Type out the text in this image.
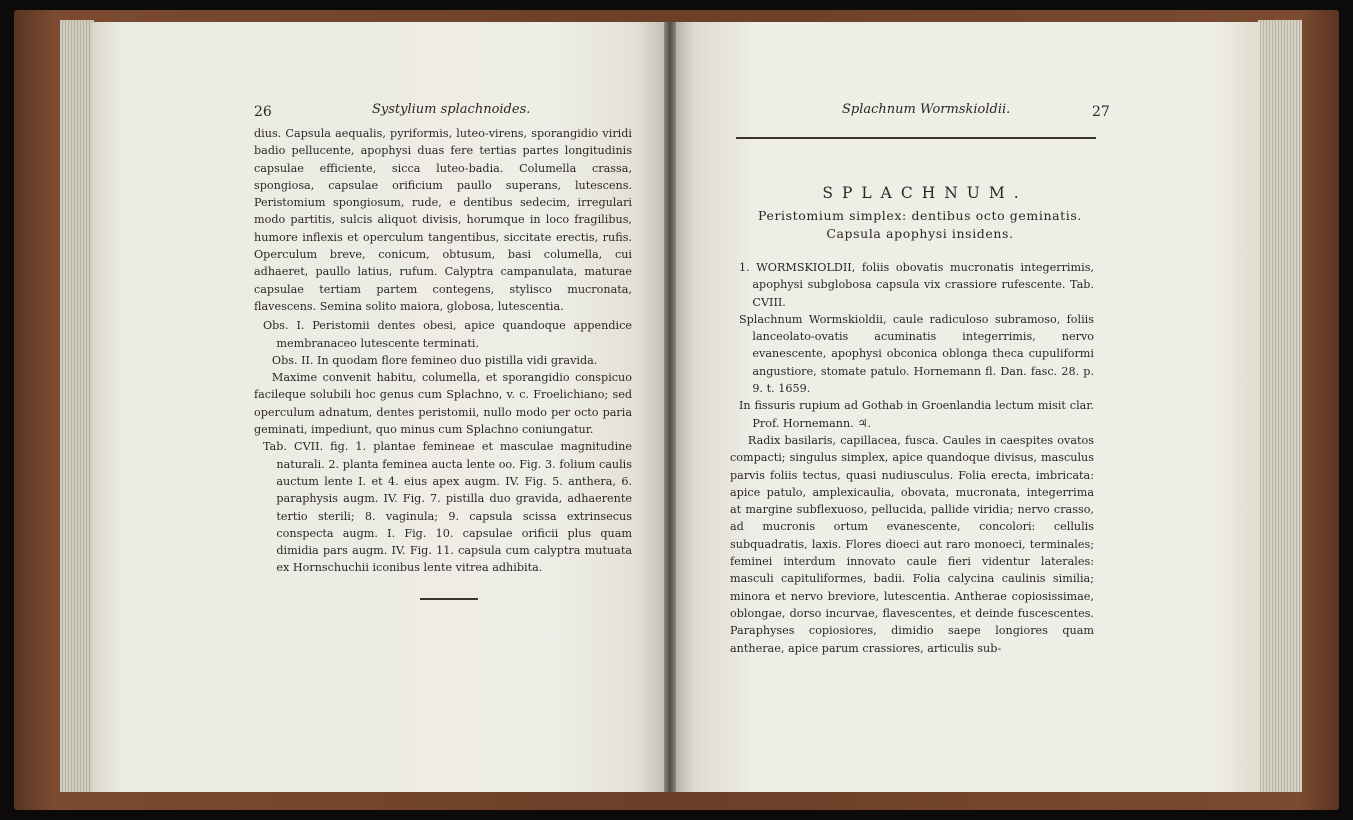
26	Systylium splachnoides.

dius. Capsula aequalis, pyriformis, luteo-virens, sporangidio viridi badio pellucente, apophysi duas fere tertias partes longitudinis capsulae efficiente, sicca luteo-badia. Columella crassa, spongiosa, capsulae orificium paullo superans, lutescens. Peristomium spongiosum, rude, e dentibus sedecim, irregulari modo partitis, sulcis aliquot divisis, horumque in loco fragilibus, humore inflexis et operculum tangentibus, siccitate erectis, rufis. Operculum breve, conicum, obtusum, basi columella, cui adhaeret, paullo latius, rufum. Calyptra campanulata, maturae capsulae tertiam partem contegens, stylisco mucronata, flavescens. Semina solito maiora, globosa, lutescentia.

Obs. I. Peristomii dentes obesi, apice quandoque appendice membranaceo lutescente terminati.

Obs. II. In quodam flore femineo duo pistilla vidi gravida.

Maxime convenit habitu, columella, et sporangidio conspicuo facileque solubili hoc genus cum Splachno, v. c. Froelichiano; sed operculum adnatum, dentes peristomii, nullo modo per octo paria geminati, impediunt, quo minus cum Splachno coniungatur.

Tab. CVII. fig. 1. plantae femineae et masculae magnitudine naturali. 2. planta feminea aucta lente oo. Fig. 3. folium caulis auctum lente I. et 4. eius apex augm. IV. Fig. 5. anthera, 6. paraphysis augm. IV. Fig. 7. pistilla duo gravida, adhaerente tertio sterili; 8. vaginula; 9. capsula scissa extrinsecus conspecta augm. I. Fig. 10. capsulae orificii plus quam dimidia pars augm. IV. Fig. 11. capsula cum calyptra mutuata ex Hornschuchii iconibus lente vitrea adhibita.

Splachnum Wormskioldii.	27
SPLACHNUM.
Peristomium simplex: dentibus octo geminatis.
Capsula apophysi insidens.

1. WORMSKIOLDII, foliis obovatis mucronatis integerrimis, apophysi subglobosa capsula vix crassiore rufescente. Tab. CVIII.

Splachnum Wormskioldii, caule radiculoso subramoso, foliis lanceolato-ovatis acuminatis integerrimis, nervo evanescente, apophysi obconica oblonga theca cupuliformi angustiore, stomate patulo. Hornemann fl. Dan. fasc. 28. p. 9. t. 1659.

In fissuris rupium ad Gothab in Groenlandia lectum misit clar. Prof. Hornemann. ♃.

Radix basilaris, capillacea, fusca. Caules in caespites ovatos compacti; singulus simplex, apice quandoque divisus, masculus parvis foliis tectus, quasi nudiusculus. Folia erecta, imbricata: apice patulo, amplexicaulia, obovata, mucronata, integerrima at margine subflexuoso, pellucida, pallide viridia; nervo crasso, ad mucronis ortum evanescente, concolori: cellulis subquadratis, laxis. Flores dioeci aut raro monoeci, terminales; feminei interdum innovato caule fieri videntur laterales: masculi capituliformes, badii. Folia calycina caulinis similia; minora et nervo breviore, lutescentia. Antherae copiosissimae, oblongae, dorso incurvae, flavescentes, et deinde fuscescentes. Paraphyses copiosiores, dimidio saepe longiores quam antherae, apice parum crassiores, articulis sub-
